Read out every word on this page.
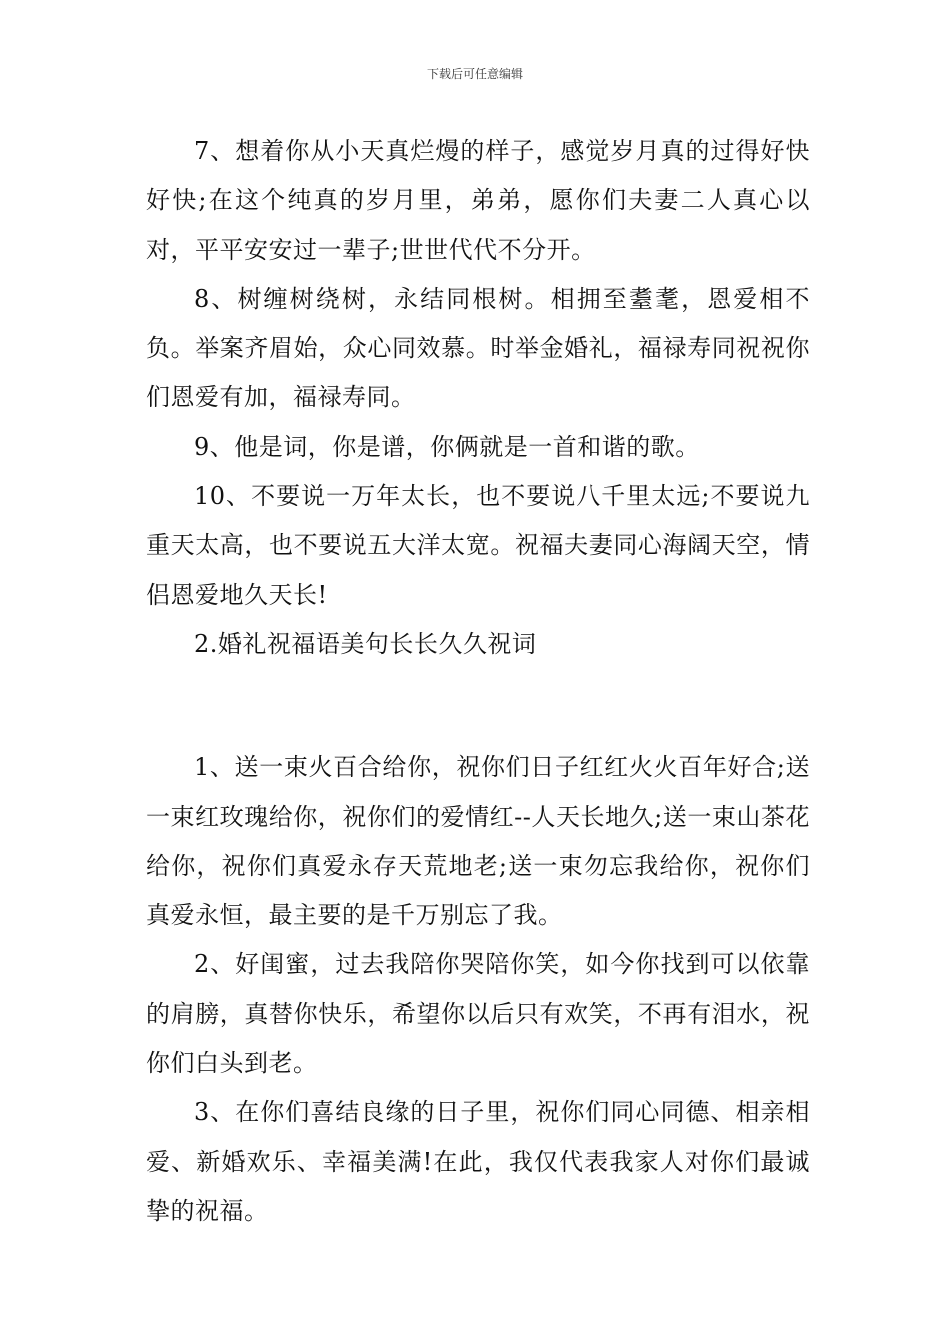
下载后可任意编辑

7、想着你从小天真烂熳的样子，感觉岁月真的过得好快好快;在这个纯真的岁月里，弟弟，愿你们夫妻二人真心以对，平平安安过一辈子;世世代代不分开。

8、树缠树绕树，永结同根树。相拥至耋耄，恩爱相不负。举案齐眉始，众心同效慕。时举金婚礼，福禄寿同祝祝你们恩爱有加，福禄寿同。

9、他是词，你是谱，你俩就是一首和谐的歌。

10、不要说一万年太长，也不要说八千里太远;不要说九重天太高，也不要说五大洋太宽。祝福夫妻同心海阔天空，情侣恩爱地久天长!

2.婚礼祝福语美句长长久久祝词

1、送一束火百合给你，祝你们日子红红火火百年好合;送一束红玫瑰给你，祝你们的爱情红--人天长地久;送一束山茶花给你，祝你们真爱永存天荒地老;送一束勿忘我给你，祝你们真爱永恒，最主要的是千万别忘了我。

2、好闺蜜，过去我陪你哭陪你笑，如今你找到可以依靠的肩膀，真替你快乐，希望你以后只有欢笑，不再有泪水，祝你们白头到老。

3、在你们喜结良缘的日子里，祝你们同心同德、相亲相爱、新婚欢乐、幸福美满!在此，我仅代表我家人对你们最诚挚的祝福。
